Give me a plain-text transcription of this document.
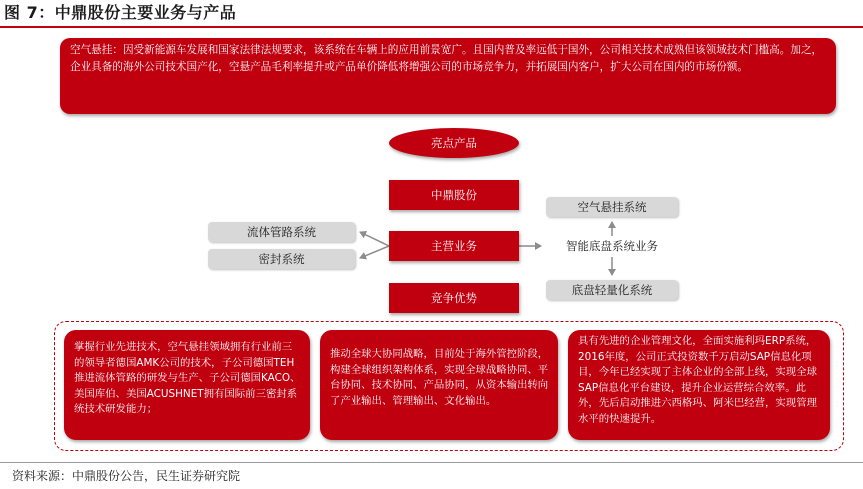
图 7：中鼎股份主要业务与产品
空气悬挂：因受新能源车发展和国家法律法规要求，该系统在车辆上的应用前景宽广。且国内普及率远低于国外，公司相关技术成熟但该领域技术门槛高。加之，企业具备的海外公司技术国产化，空悬产品毛利率提升或产品单价降低将增强公司的市场竞争力，并拓展国内客户，扩大公司在国内的市场份额。
亮点产品
中鼎股份
主营业务
竞争优势
流体管路系统
密封系统
空气悬挂系统
智能底盘系统业务
底盘轻量化系统
掌握行业先进技术，空气悬挂领域拥有行业前三的领导者德国AMK公司的技术，子公司德国TEH推进流体管路的研发与生产、子公司德国KACO、美国库伯、美国ACUSHNET拥有国际前三密封系统技术研发能力；
推动全球大协同战略，目前处于海外管控阶段，构建全球组织架构体系，实现全球战略协同、平台协同、技术协同、产品协同，从资本输出转向了产业输出、管理输出、文化输出。
具有先进的企业管理文化，全面实施利玛ERP系统，2016年度，公司正式投资数千万启动SAP信息化项目，今年已经实现了主体企业的全部上线，实现全球SAP信息化平台建设，提升企业运营综合效率。此外，先后启动推进六西格玛、阿米巴经营，实现管理水平的快速提升。
资料来源：中鼎股份公告，民生证券研究院
